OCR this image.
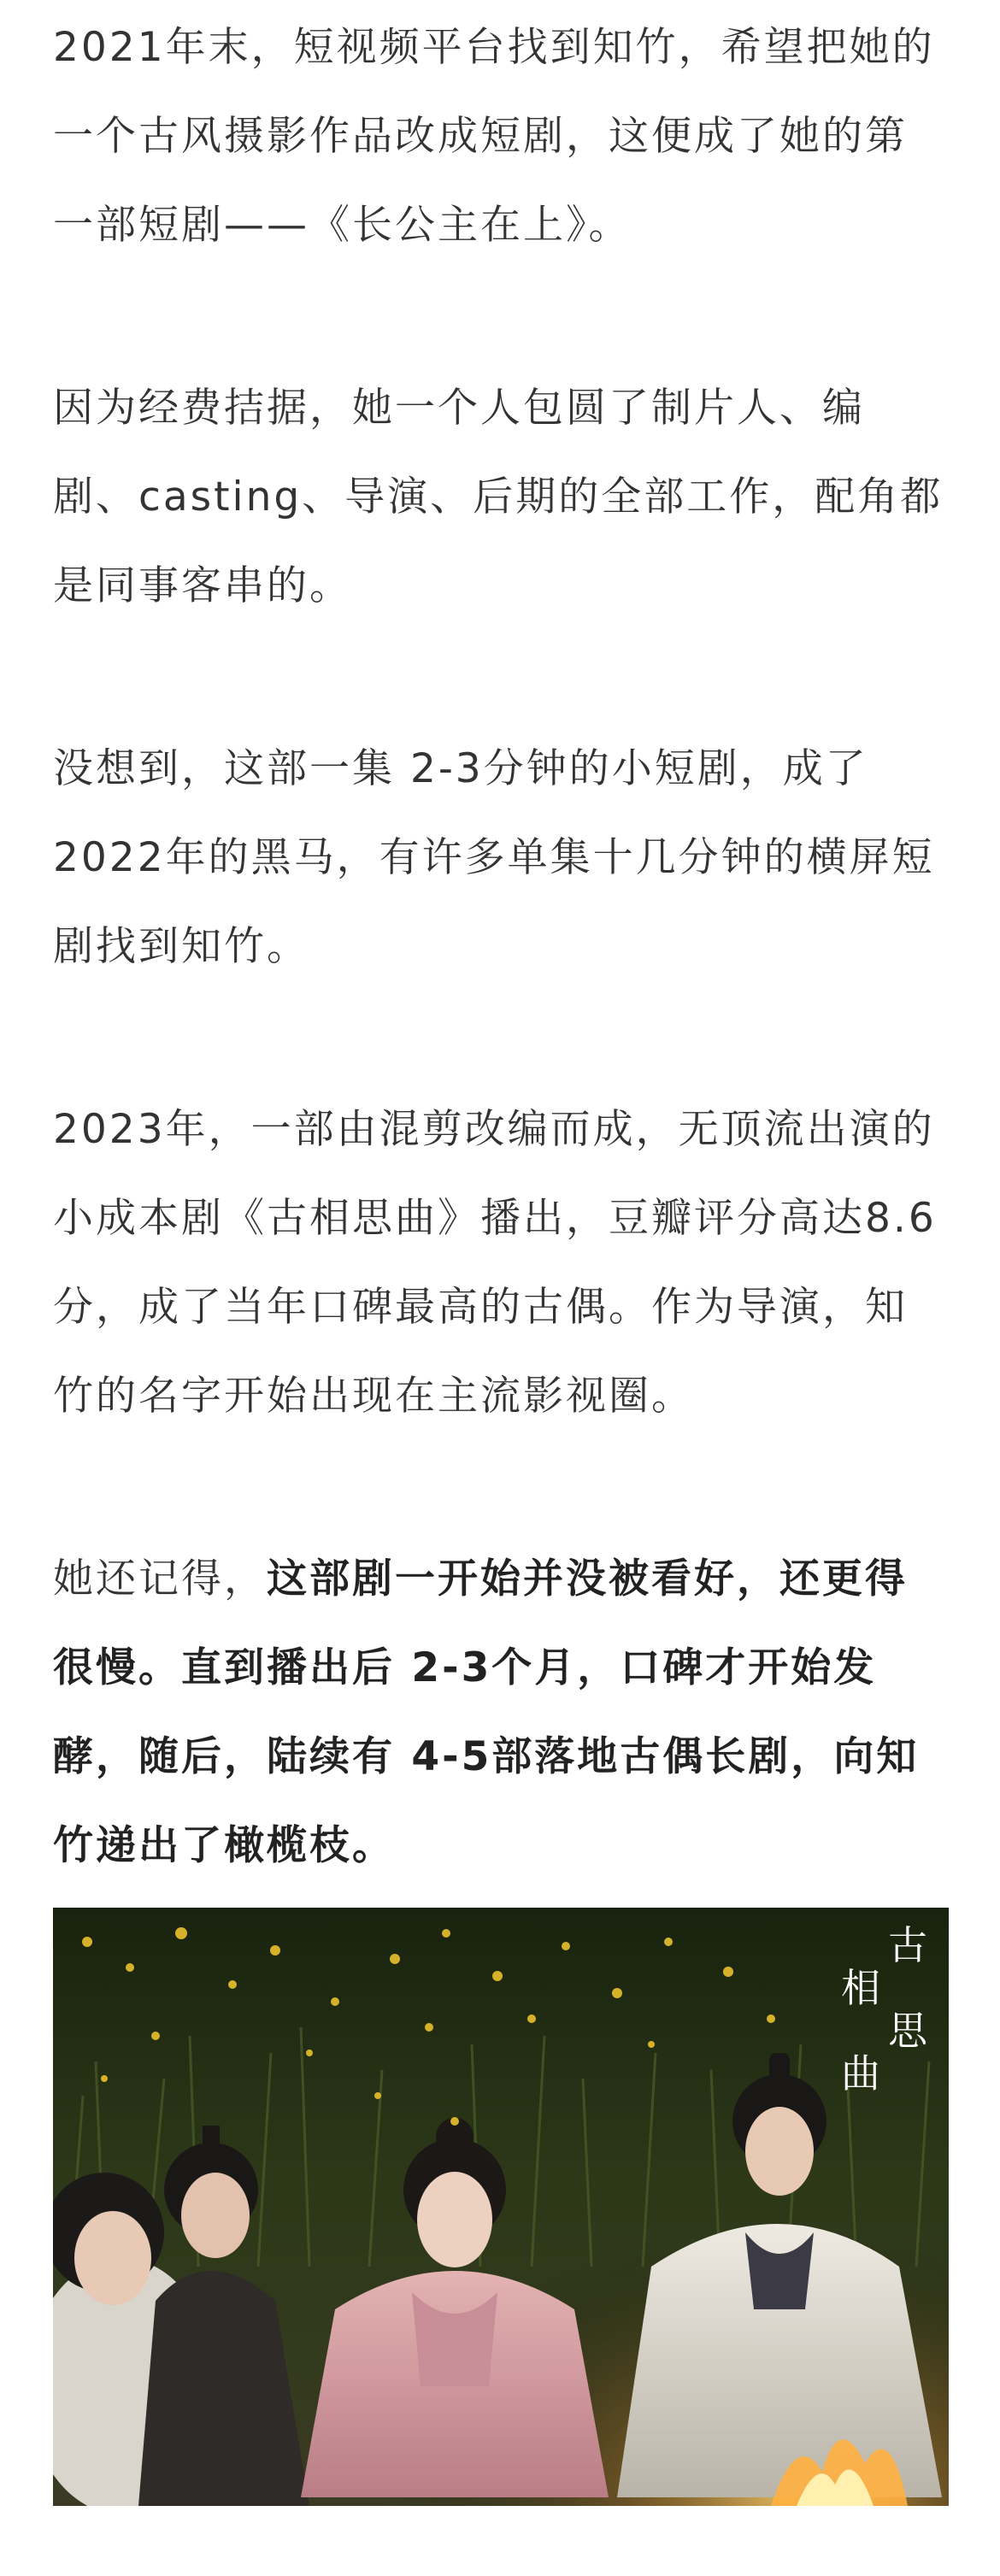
2021年末，短视频平台找到知竹，希望把她的
一个古风摄影作品改成短剧，这便成了她的第
一部短剧——《长公主在上》。

因为经费拮据，她一个人包圆了制片人、编
剧、casting、导演、后期的全部工作，配角都
是同事客串的。

没想到，这部一集 2-3分钟的小短剧，成了
2022年的黑马，有许多单集十几分钟的横屏短
剧找到知竹。

2023年，一部由混剪改编而成，无顶流出演的
小成本剧《古相思曲》播出，豆瓣评分高达8.6
分，成了当年口碑最高的古偶。作为导演，知
竹的名字开始出现在主流影视圈。

她还记得，这部剧一开始并没被看好，还更得
很慢。直到播出后 2-3个月，口碑才开始发
酵，随后，陆续有 4-5部落地古偶长剧，向知
竹递出了橄榄枝。

古相思曲
